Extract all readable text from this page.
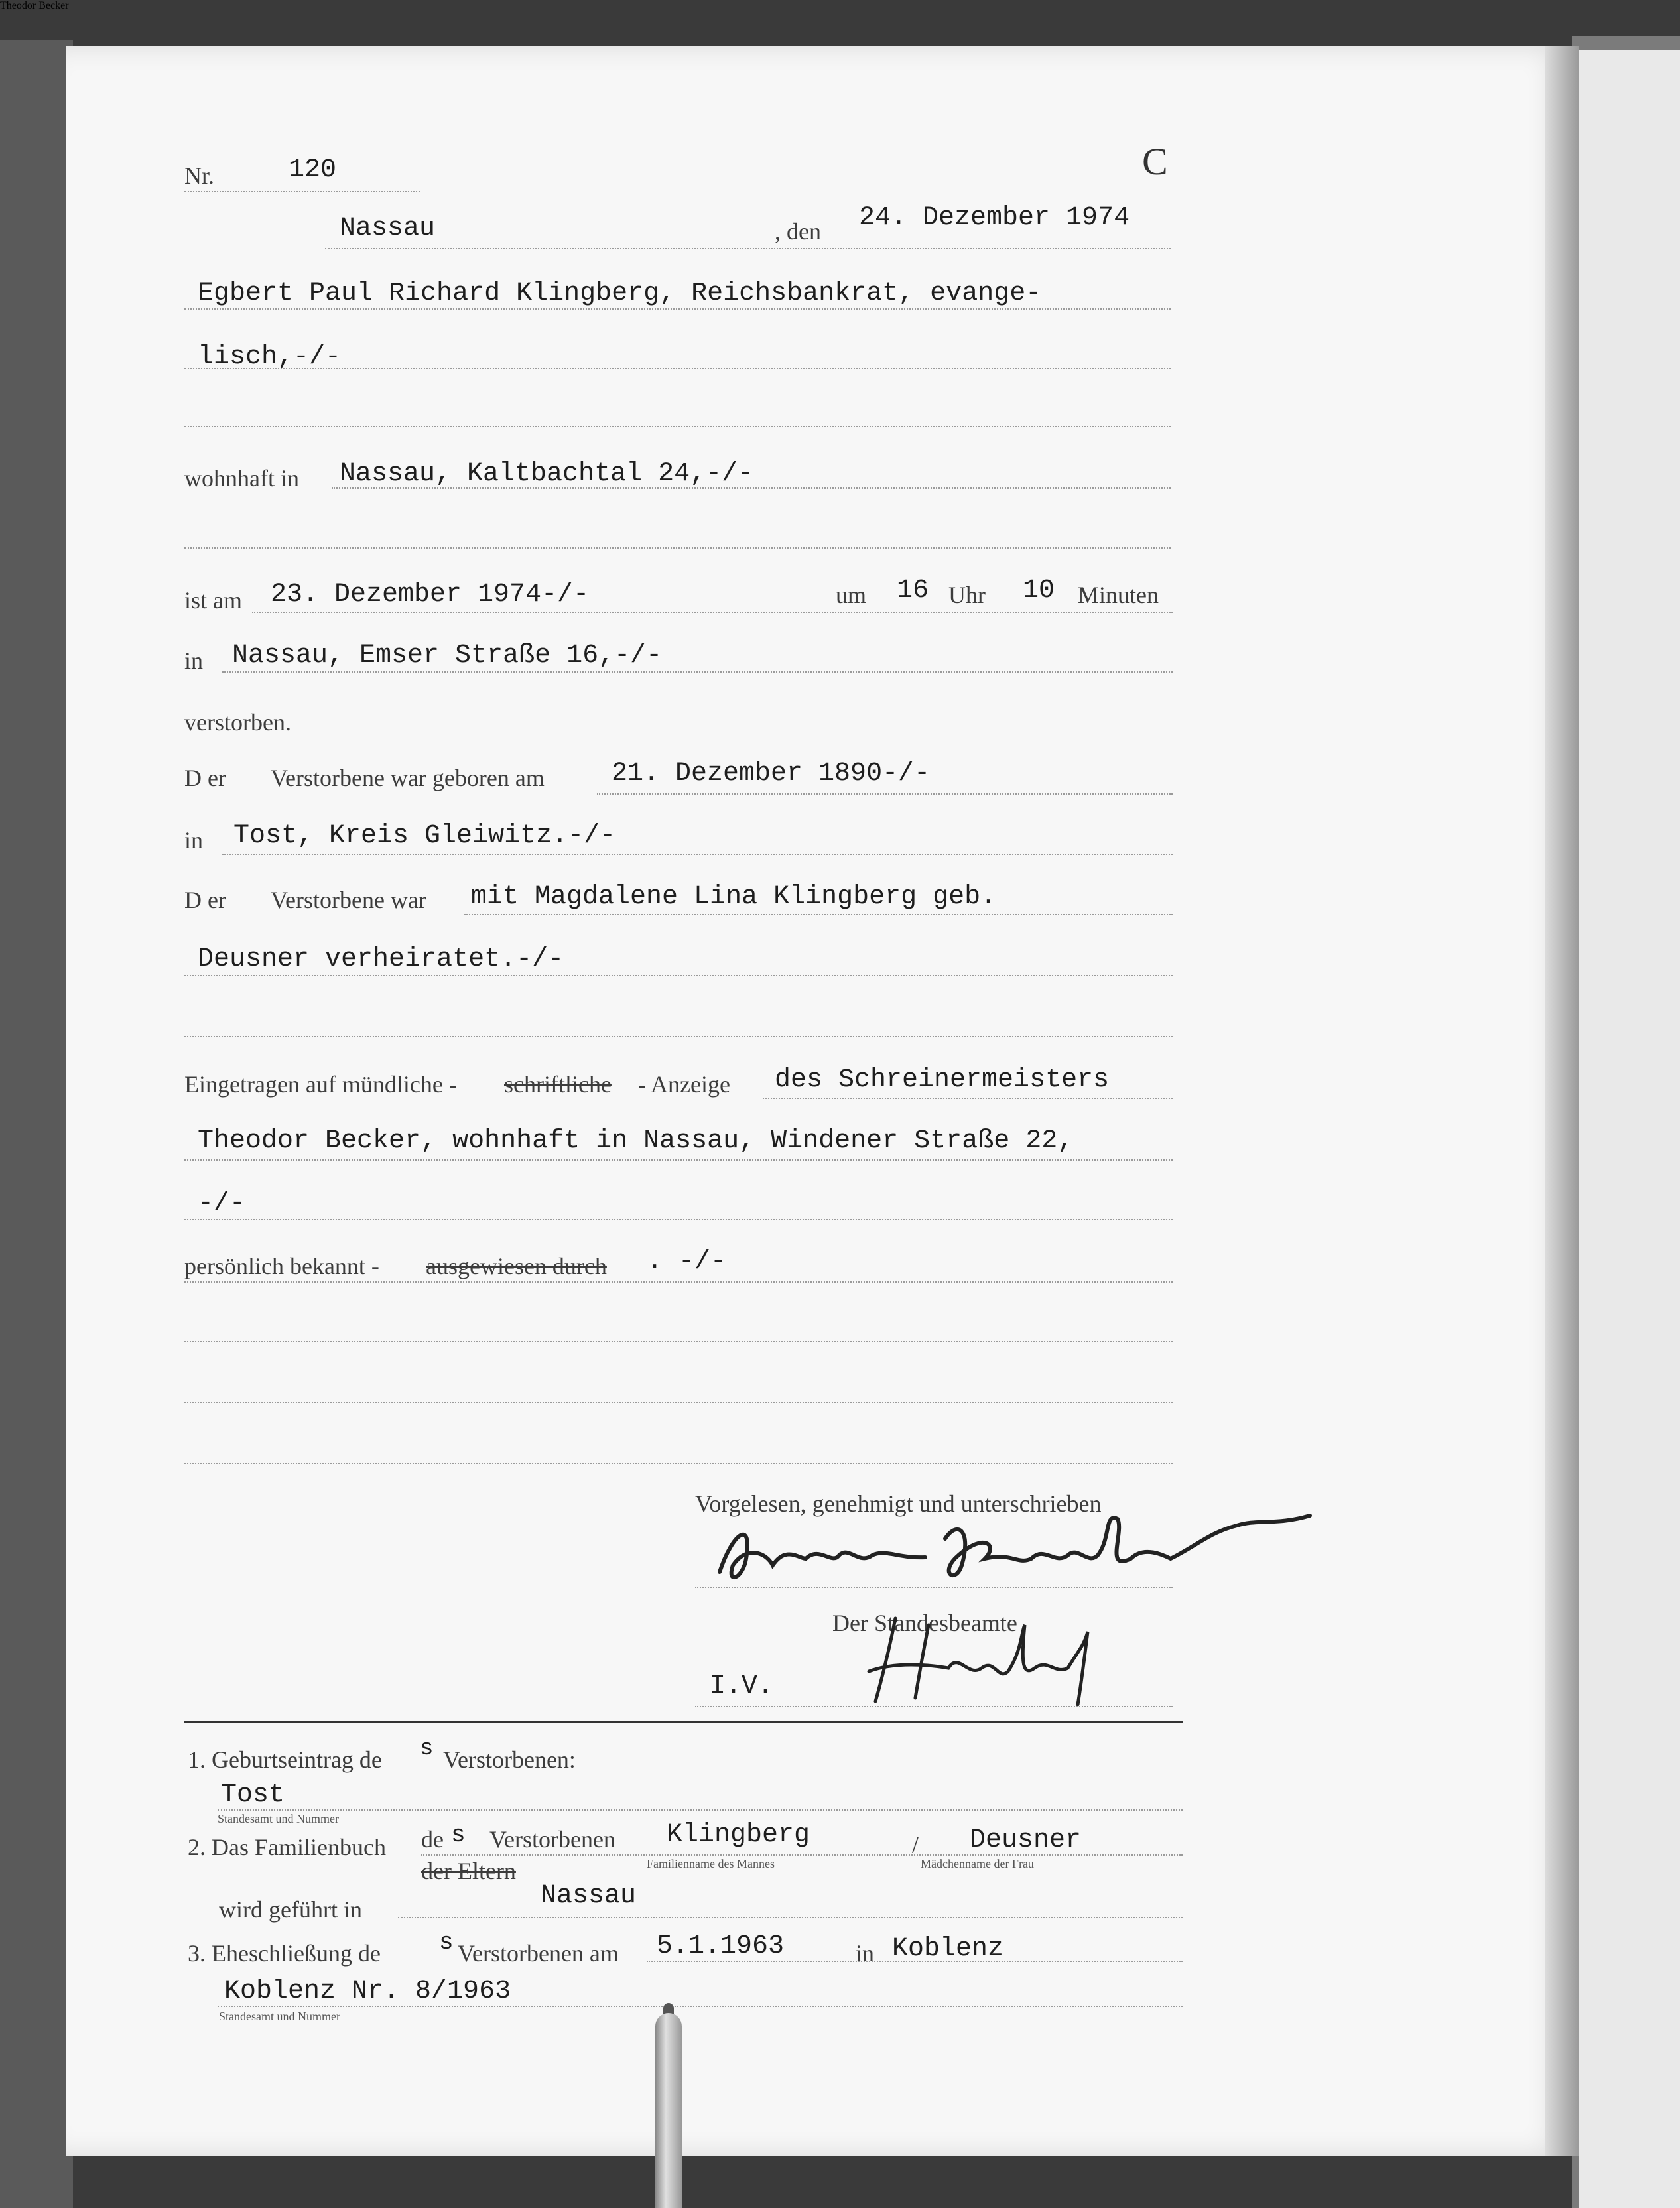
Nr.	120	C
Nassau	, den 24. Dezember 1974
Egbert Paul Richard Klingberg, Reichsbankrat, evange-
lisch,-/-
wohnhaft in Nassau, Kaltbachtal 24,-/-
ist am 23. Dezember 1974-/-	um 16 Uhr 10 Minuten
in Nassau, Emser Straße 16,-/-
verstorben.
D er Verstorbene war geboren am	21. Dezember 1890-/-
in Tost, Kreis Gleiwitz.-/-
D er Verstorbene war mit Magdalene Lina Klingberg geb.
Deusner verheiratet.-/-
Eingetragen auf mündliche - schriftliche - Anzeige des Schreinermeisters
Theodor Becker, wohnhaft in Nassau, Windener Straße 22,
-/-
persönlich bekannt - ausgewiesen durch . -/-
Vorgelesen, genehmigt und unterschrieben
Theodor Becker
Der Standesbeamte
I.V.
1. Geburtseintrag de s Verstorbenen:
Tost
Standesamt und Nummer
2. Das Familienbuch de s Verstorbenen Klingberg	/ Deusner
der Eltern	Familienname des Mannes	Mädchenname der Frau
wird geführt in	Nassau
3. Eheschließung de s Verstorbenen am 5.1.1963	in Koblenz
Koblenz Nr. 8/1963
Standesamt und Nummer
